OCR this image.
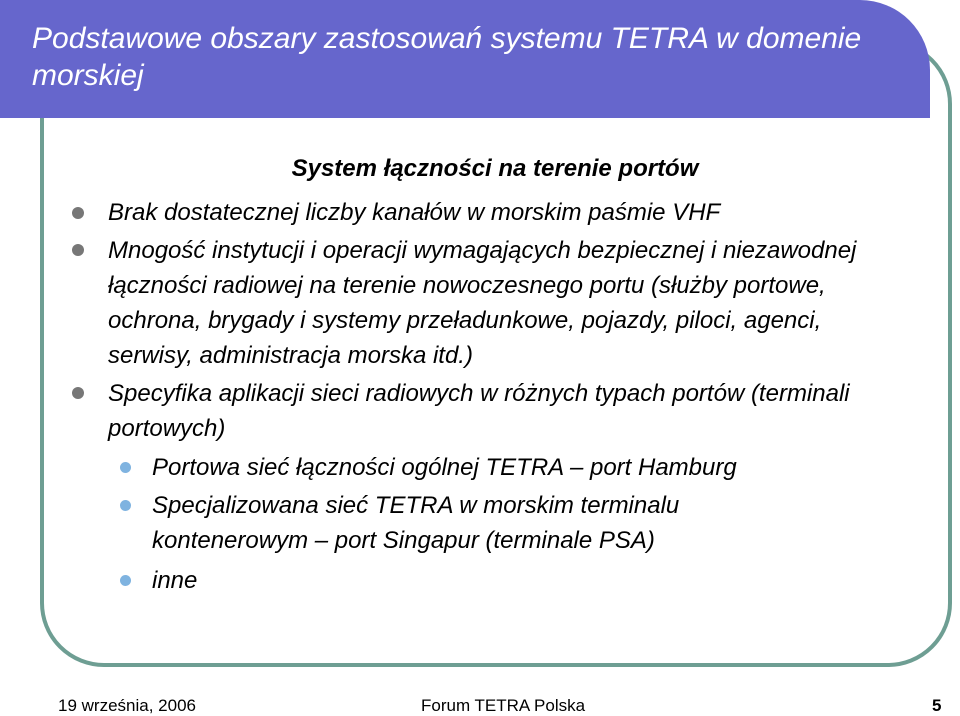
Podstawowe obszary zastosowań systemu TETRA w domenie morskiej
System łączności na terenie portów
Brak dostatecznej liczby kanałów w morskim paśmie VHF
Mnogość instytucji i operacji wymagających bezpiecznej i niezawodnej łączności radiowej na terenie nowoczesnego portu (służby portowe, ochrona, brygady i systemy przeładunkowe, pojazdy, piloci, agenci, serwisy, administracja morska itd.)
Specyfika aplikacji sieci radiowych w różnych typach portów (terminali portowych)
Portowa sieć łączności ogólnej TETRA – port Hamburg
Specjalizowana sieć TETRA w morskim terminalu kontenerowym – port Singapur (terminale PSA)
inne
19 września, 2006	Forum TETRA Polska	5
